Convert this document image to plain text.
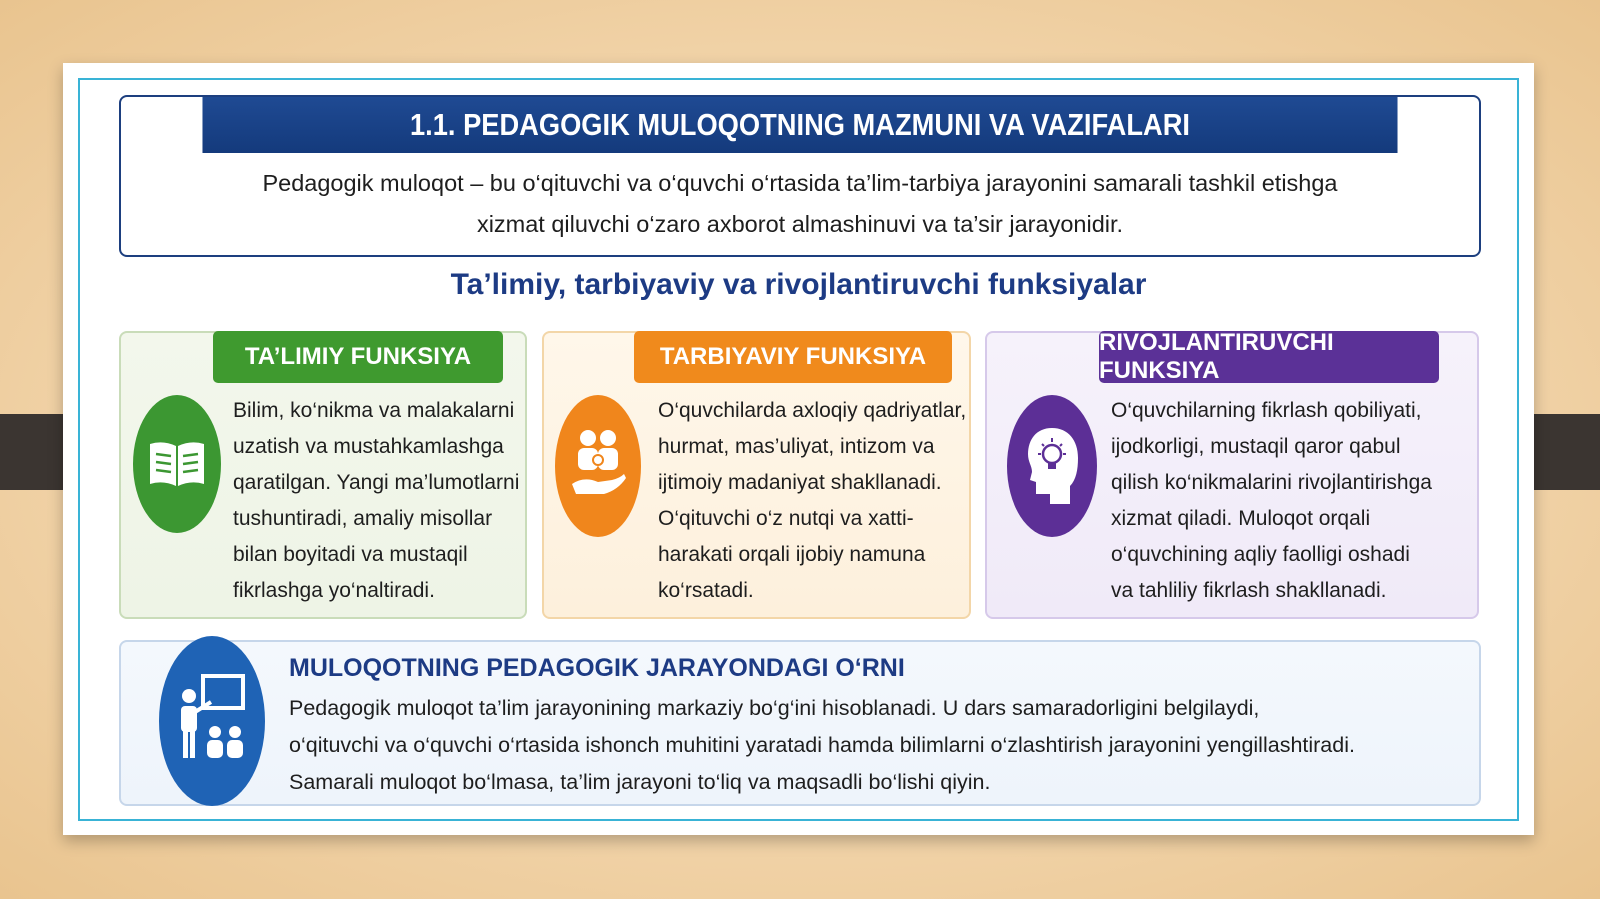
1.1. PEDAGOGIK MULOQOTNING MAZMUNI VA VAZIFALARI
Pedagogik muloqot – bu o‘qituvchi va o‘quvchi o‘rtasida ta’lim-tarbiya jarayonini samarali tashkil etishga
xizmat qiluvchi o‘zaro axborot almashinuvi va ta’sir jarayonidir.
Ta’limiy, tarbiyaviy va rivojlantiruvchi funksiyalar
TA’LIMIY FUNKSIYA
Bilim, ko‘nikma va malakalarni
uzatish va mustahkamlashga
qaratilgan. Yangi ma’lumotlarni
tushuntiradi, amaliy misollar
bilan boyitadi va mustaqil
fikrlashga yo‘naltiradi.
TARBIYAVIY FUNKSIYA
O‘quvchilarda axloqiy qadriyatlar,
hurmat, mas’uliyat, intizom va
ijtimoiy madaniyat shakllanadi.
O‘qituvchi o‘z nutqi va xatti-
harakati orqali ijobiy namuna
ko‘rsatadi.
RIVOJLANTIRUVCHI FUNKSIYA
O‘quvchilarning fikrlash qobiliyati,
ijodkorligi, mustaqil qaror qabul
qilish ko‘nikmalarini rivojlantirishga
xizmat qiladi. Muloqot orqali
o‘quvchining aqliy faolligi oshadi
va tahliliy fikrlash shakllanadi.
MULOQOTNING PEDAGOGIK JARAYONDAGI O‘RNI
Pedagogik muloqot ta’lim jarayonining markaziy bo‘g‘ini hisoblanadi. U dars samaradorligini belgilaydi,
o‘qituvchi va o‘quvchi o‘rtasida ishonch muhitini yaratadi hamda bilimlarni o‘zlashtirish jarayonini yengillashtiradi.
Samarali muloqot bo‘lmasa, ta’lim jarayoni to‘liq va maqsadli bo‘lishi qiyin.
